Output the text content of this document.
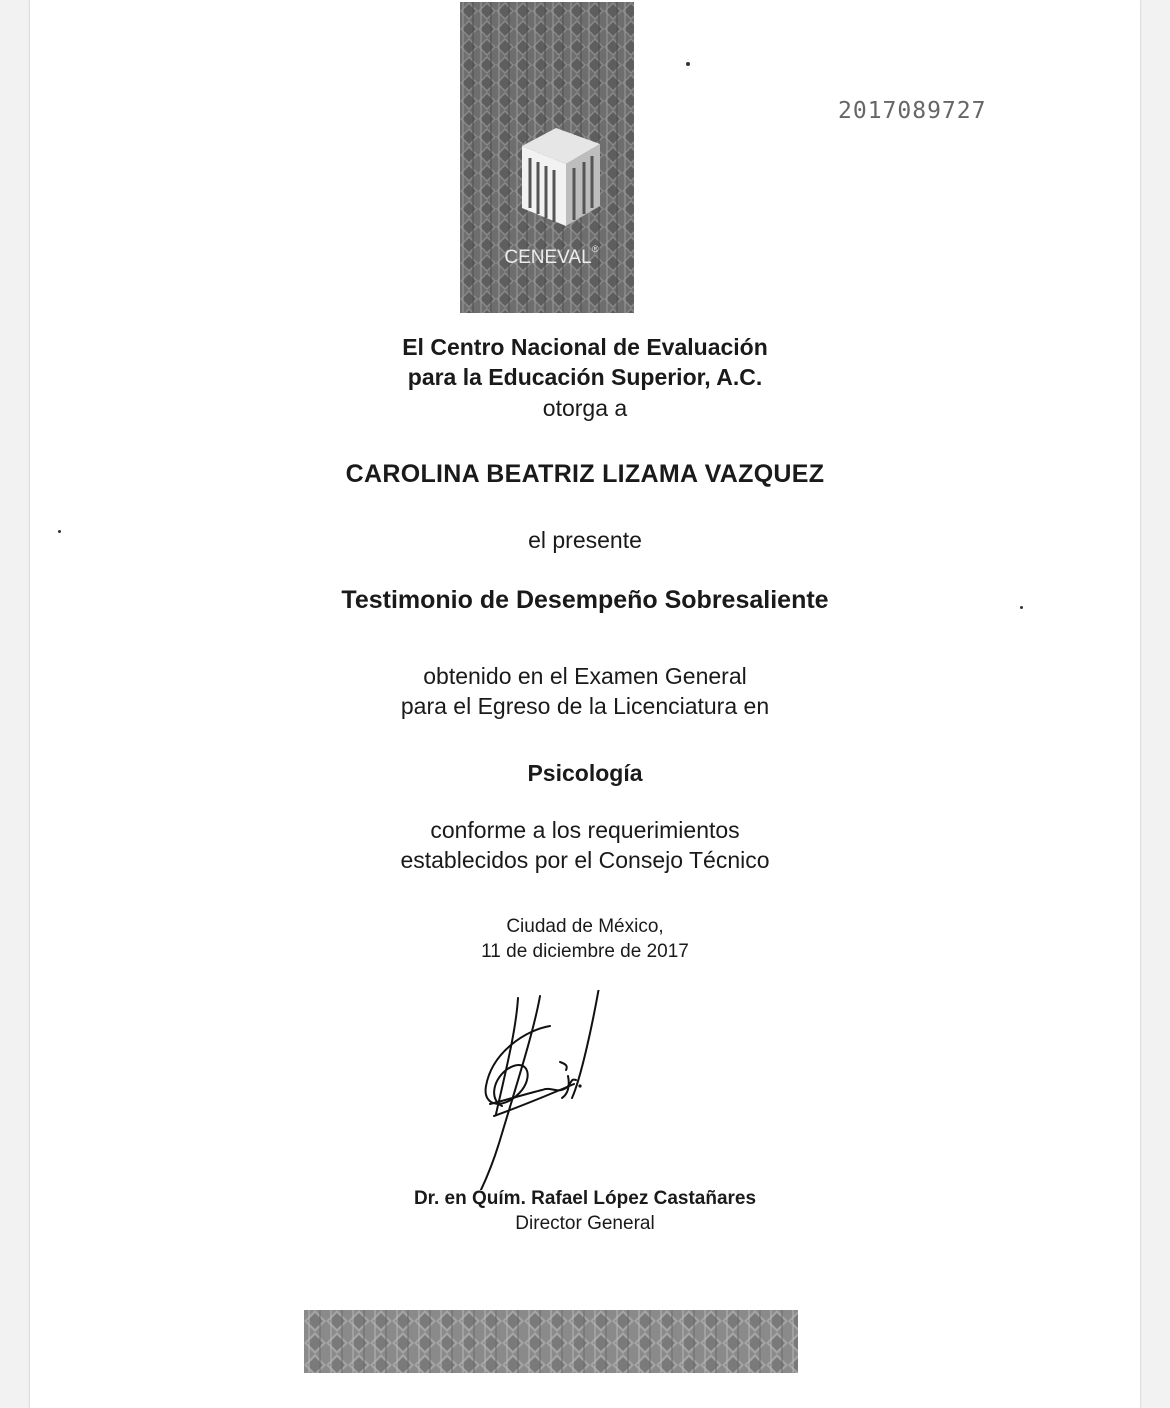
CENEVAL ®
2017089727
El Centro Nacional de Evaluación
para la Educación Superior, A.C.
otorga a
CAROLINA BEATRIZ LIZAMA VAZQUEZ
el presente
Testimonio de Desempeño Sobresaliente
obtenido en el Examen General
para el Egreso de la Licenciatura en
Psicología
conforme a los requerimientos
establecidos por el Consejo Técnico
Ciudad de México,
11 de diciembre de 2017
Dr. en Quím. Rafael López Castañares
Director General
